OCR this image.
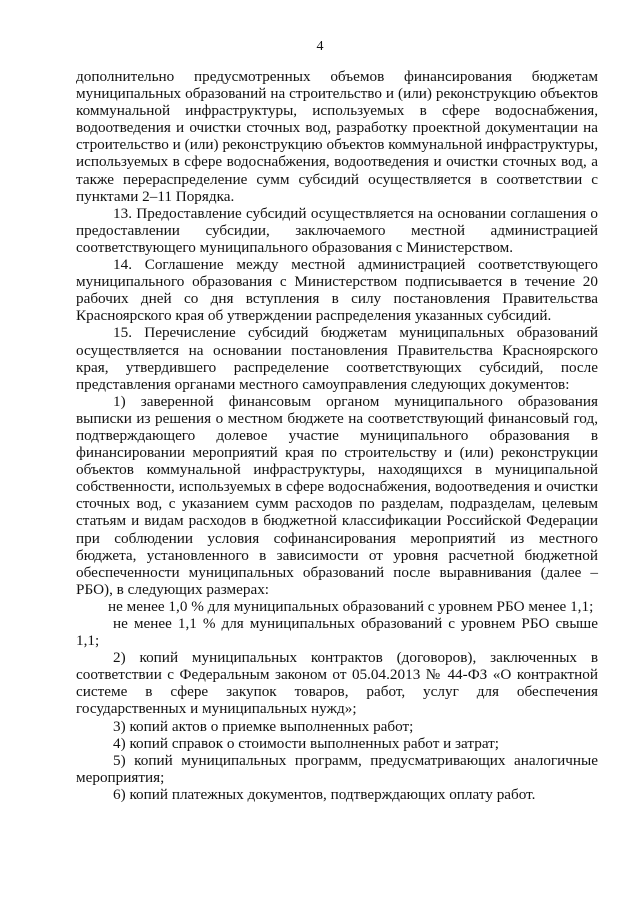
4

дополнительно предусмотренных объемов финансирования бюджетам муниципальных образований на строительство и (или) реконструкцию объектов коммунальной инфраструктуры, используемых в сфере водоснабжения, водоотведения и очистки сточных вод, разработку проектной документации на строительство и (или) реконструкцию объектов коммунальной инфраструктуры, используемых в сфере водоснабжения, водоотведения и очистки сточных вод, а также перераспределение сумм субсидий осуществляется в соответствии с пунктами 2–11 Порядка.

13. Предоставление субсидий осуществляется на основании соглашения о предоставлении субсидии, заключаемого местной администрацией соответствующего муниципального образования с Министерством.

14. Соглашение между местной администрацией соответствующего муниципального образования с Министерством подписывается в течение 20 рабочих дней со дня вступления в силу постановления Правительства Красноярского края об утверждении распределения указанных субсидий.

15. Перечисление субсидий бюджетам муниципальных образований осуществляется на основании постановления Правительства Красноярского края, утвердившего распределение соответствующих субсидий, после представления органами местного самоуправления следующих документов:

1) заверенной финансовым органом муниципального образования выписки из решения о местном бюджете на соответствующий финансовый год, подтверждающего долевое участие муниципального образования в финансировании мероприятий края по строительству и (или) реконструкции объектов коммунальной инфраструктуры, находящихся в муниципальной собственности, используемых в сфере водоснабжения, водоотведения и очистки сточных вод, с указанием сумм расходов по разделам, подразделам, целевым статьям и видам расходов в бюджетной классификации Российской Федерации при соблюдении условия софинансирования мероприятий из местного бюджета, установленного в зависимости от уровня расчетной бюджетной обеспеченности муниципальных образований после выравнивания (далее – РБО), в следующих размерах:

не менее 1,0 % для муниципальных образований с уровнем РБО менее 1,1;

не менее 1,1 % для муниципальных образований с уровнем РБО свыше 1,1;

2) копий муниципальных контрактов (договоров), заключенных в соответствии с Федеральным законом от 05.04.2013 № 44-ФЗ «О контрактной системе в сфере закупок товаров, работ, услуг для обеспечения государственных и муниципальных нужд»;

3) копий актов о приемке выполненных работ;

4) копий справок о стоимости выполненных работ и затрат;

5) копий муниципальных программ, предусматривающих аналогичные мероприятия;

6) копий платежных документов, подтверждающих оплату работ.
